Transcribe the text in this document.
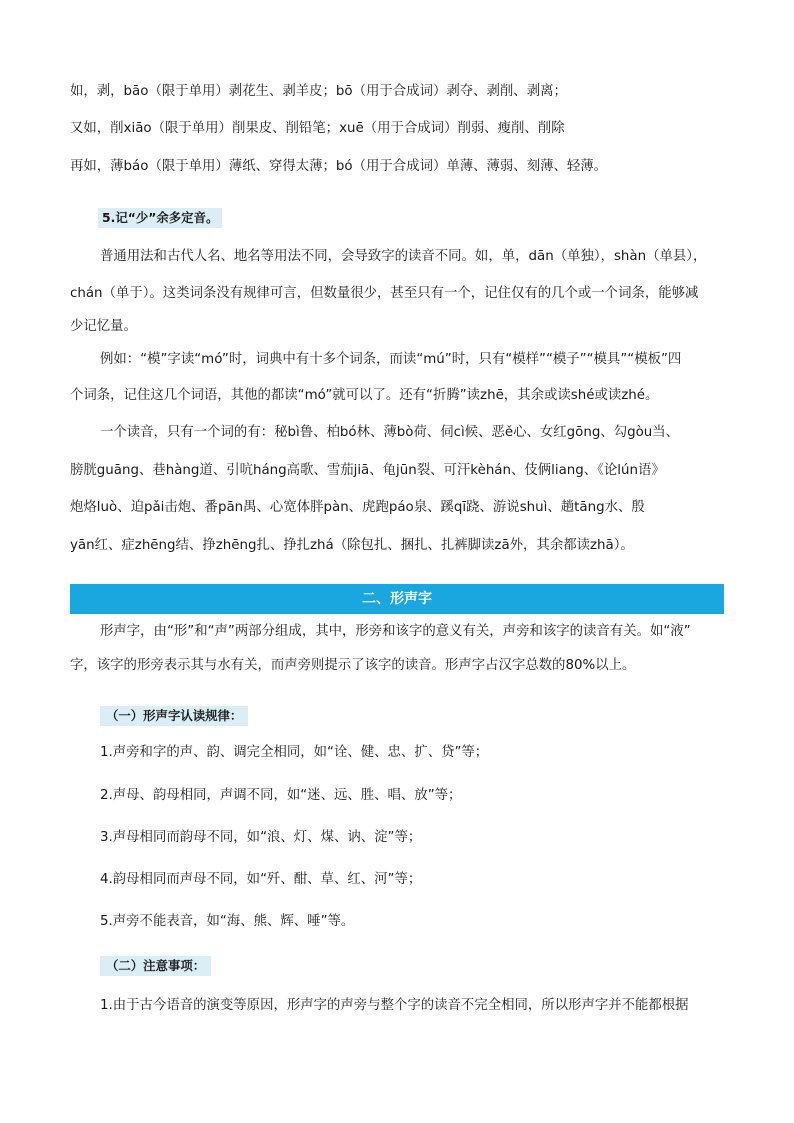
如，剥，bāo（限于单用）剥花生、剥羊皮；bō（用于合成词）剥夺、剥削、剥离；
又如，削xiāo（限于单用）削果皮、削铅笔；xuē（用于合成词）削弱、瘦削、削除
再如，薄báo（限于单用）薄纸、穿得太薄；bó（用于合成词）单薄、薄弱、刻薄、轻薄。
5.记“少”余多定音。
普通用法和古代人名、地名等用法不同，会导致字的读音不同。如，单，dān（单独），shàn（单县），
chán（单于）。这类词条没有规律可言，但数量很少，甚至只有一个，记住仅有的几个或一个词条，能够减
少记忆量。
例如：“模”字读“mó”时，词典中有十多个词条，而读“mú”时，只有“模样”“模子”“模具”“模板”四
个词条，记住这几个词语，其他的都读“mó”就可以了。还有“折腾”读zhē，其余或读shé或读zhé。
一个读音，只有一个词的有：秘bì鲁、柏bó林、薄bò荷、伺cì候、恶ě心、女红gōng、勾gòu当、
膀胱guāng、巷hàng道、引吭háng高歌、雪茄jiā、龟jūn裂、可汗kèhán、伎俩liang、《论lún语》
炮烙luò、迫pǎi击炮、番pān禺、心宽体胖pàn、虎跑páo泉、蹊qī跷、游说shuì、趟tāng水、殷
yān红、症zhēng结、挣zhēng扎、挣扎zhá（除包扎、捆扎、扎裤脚读zā外，其余都读zhā）。
二、形声字
形声字，由“形”和“声”两部分组成，其中，形旁和该字的意义有关，声旁和该字的读音有关。如“液”
字，该字的形旁表示其与水有关，而声旁则提示了该字的读音。形声字占汉字总数的80%以上。
（一）形声字认读规律：
1.声旁和字的声、韵、调完全相同，如“诠、健、忠、扩、贷”等；
2.声母、韵母相同，声调不同，如“迷、远、胜、唱、放”等；
3.声母相同而韵母不同，如“浪、灯、煤、讷、淀”等；
4.韵母相同而声母不同，如“歼、酣、草、红、河”等；
5.声旁不能表音，如“海、熊、辉、唾”等。
（二）注意事项：
1.由于古今语音的演变等原因，形声字的声旁与整个字的读音不完全相同，所以形声字并不能都根据
